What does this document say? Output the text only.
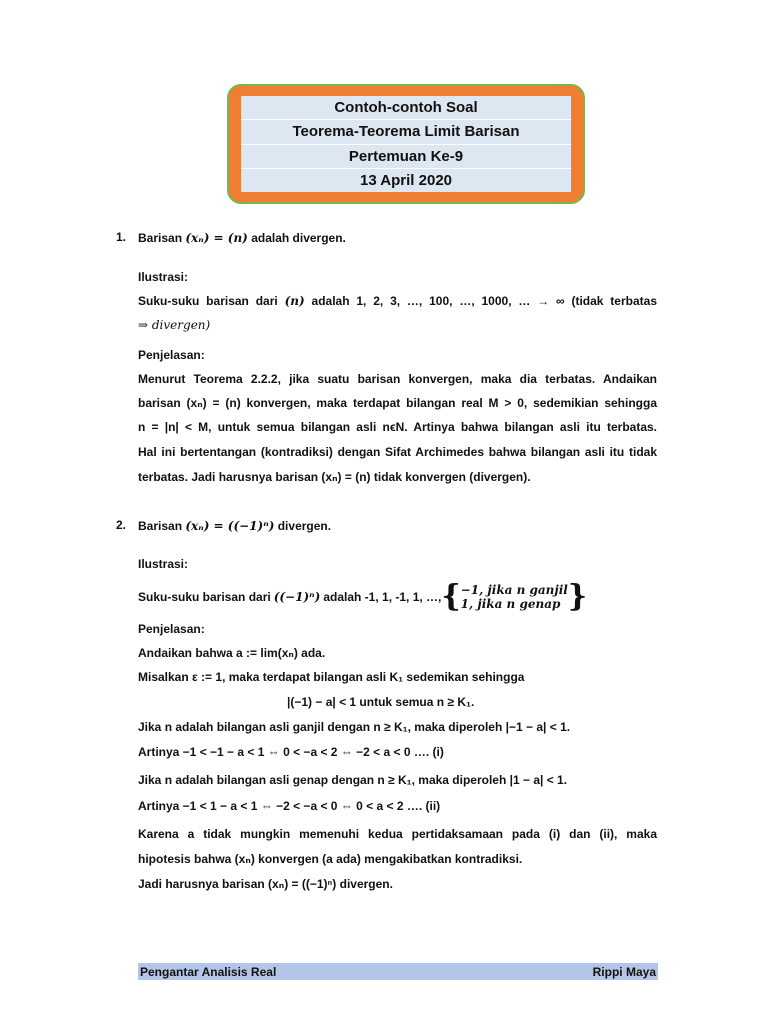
Contoh-contoh Soal
Teorema-Teorema Limit Barisan
Pertemuan Ke-9
13 April 2020
1. Barisan (xₙ) = (n) adalah divergen.
Ilustrasi:
Suku-suku barisan dari (n) adalah 1, 2, 3, …, 100, …, 1000, … → ∞ (tidak terbatas
⇒ divergen)
Penjelasan:
Menurut Teorema 2.2.2, jika suatu barisan konvergen, maka dia terbatas. Andaikan
barisan (xₙ) = (n) konvergen, maka terdapat bilangan real M > 0, sedemikian sehingga
n = |n| < M, untuk semua bilangan asli nϵN. Artinya bahwa bilangan asli itu terbatas.
Hal ini bertentangan (kontradiksi) dengan Sifat Archimedes bahwa bilangan asli itu tidak
terbatas. Jadi harusnya barisan (xₙ) = (n) tidak konvergen (divergen).
2. Barisan (xₙ) = ((−1)ⁿ) divergen.
Ilustrasi:
Suku-suku barisan dari ((−1)ⁿ) adalah -1, 1, -1, 1, …, { −1, jika n ganjil
1, jika n genap }
Penjelasan:
Andaikan bahwa a := lim(xₙ) ada.
Misalkan ε := 1, maka terdapat bilangan asli K₁ sedemikan sehingga
|(−1) − a| < 1 untuk semua n ≥ K₁.
Jika n adalah bilangan asli ganjil dengan n ≥ K₁, maka diperoleh |−1 − a| < 1.
Artinya −1 < −1 − a < 1 ⇔ 0 < −a < 2 ⇔ −2 < a < 0 …. (i)
Jika n adalah bilangan asli genap dengan n ≥ K₁, maka diperoleh |1 − a| < 1.
Artinya −1 < 1 − a < 1 ⇔ −2 < −a < 0 ⇔ 0 < a < 2 …. (ii)
Karena a tidak mungkin memenuhi kedua pertidaksamaan pada (i) dan (ii), maka
hipotesis bahwa (xₙ) konvergen (a ada) mengakibatkan kontradiksi.
Jadi harusnya barisan (xₙ) = ((−1)ⁿ) divergen.
Pengantar Analisis Real	Rippi Maya
